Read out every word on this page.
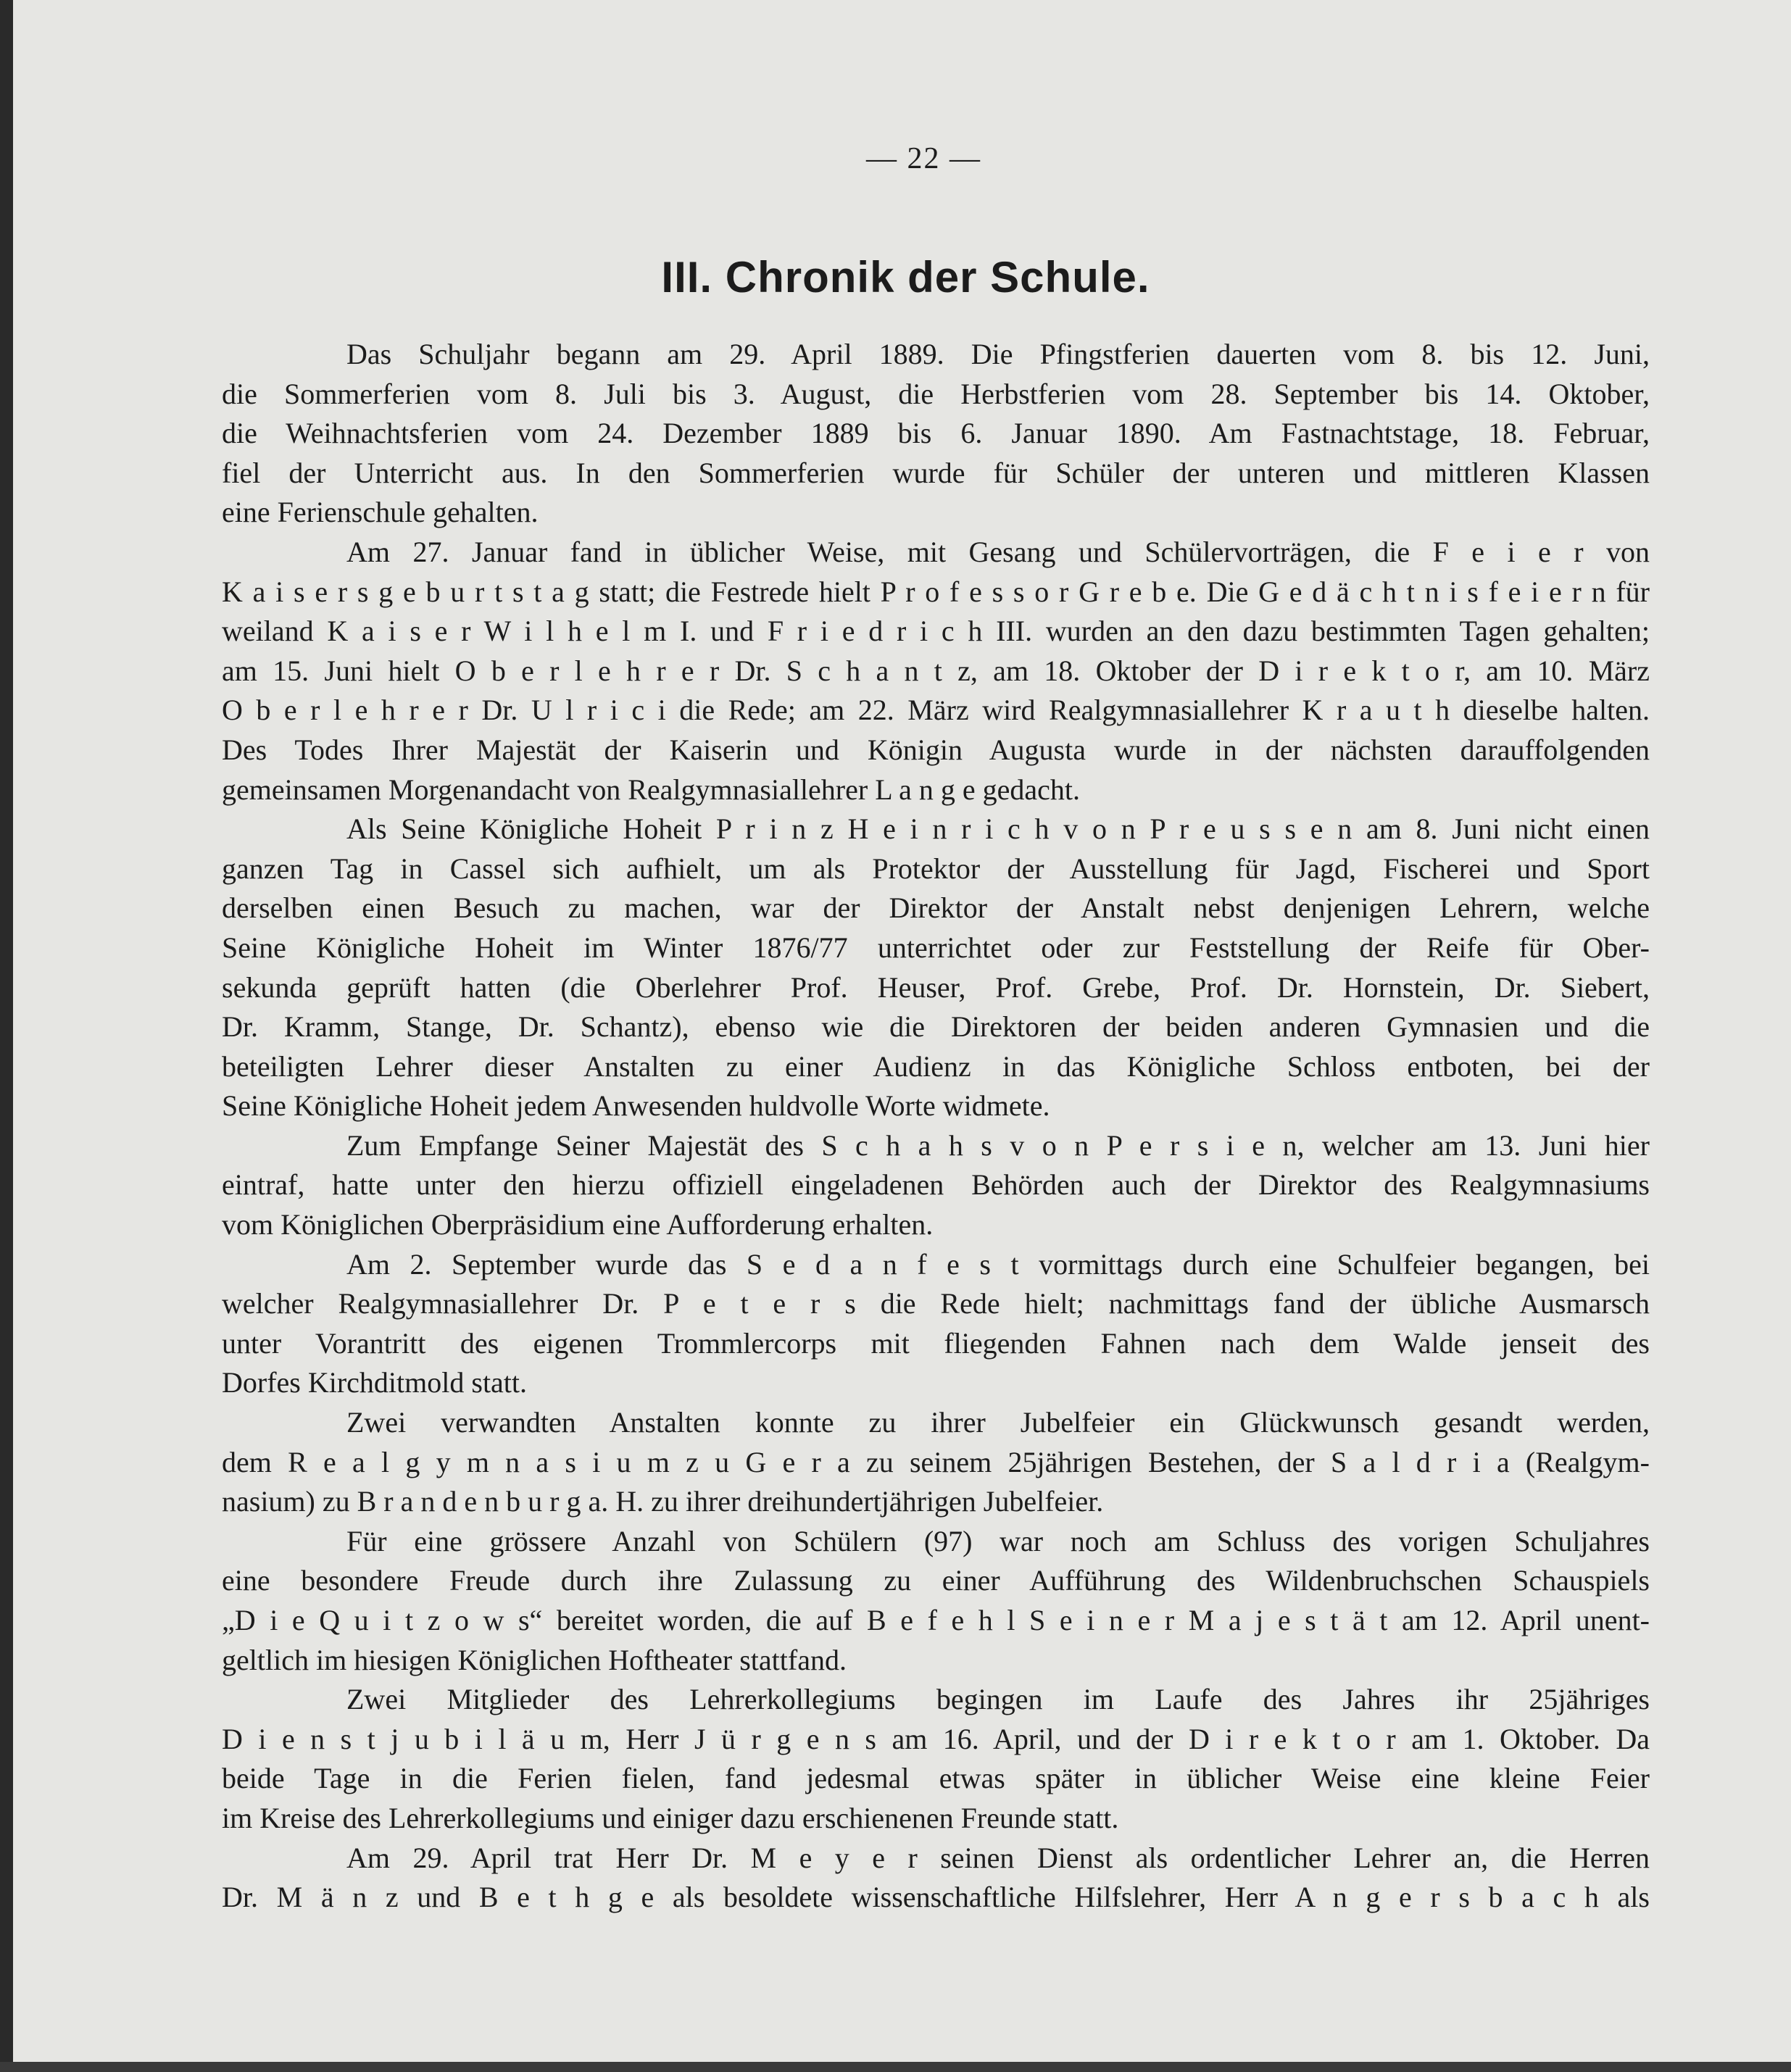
— 22 —
III. Chronik der Schule.
Das Schuljahr begann am 29. April 1889. Die Pfingstferien dauerten vom 8. bis 12. Juni,
die Sommerferien vom 8. Juli bis 3. August, die Herbstferien vom 28. September bis 14. Oktober,
die Weihnachtsferien vom 24. Dezember 1889 bis 6. Januar 1890. Am Fastnachtstage, 18. Februar,
fiel der Unterricht aus. In den Sommerferien wurde für Schüler der unteren und mittleren Klassen
eine Ferienschule gehalten.
Am 27. Januar fand in üblicher Weise, mit Gesang und Schülervorträgen, die F e i e r von
K a i s e r s g e b u r t s t a g statt; die Festrede hielt P r o f e s s o r G r e b e. Die G e d ä c h t n i s f e i e r n für
weiland K a i s e r W i l h e l m I. und F r i e d r i c h III. wurden an den dazu bestimmten Tagen gehalten;
am 15. Juni hielt O b e r l e h r e r Dr. S c h a n t z, am 18. Oktober der D i r e k t o r, am 10. März
O b e r l e h r e r Dr. U l r i c i die Rede; am 22. März wird Realgymnasiallehrer K r a u t h dieselbe halten.
Des Todes Ihrer Majestät der Kaiserin und Königin Augusta wurde in der nächsten darauffolgenden
gemeinsamen Morgenandacht von Realgymnasiallehrer L a n g e gedacht.
Als Seine Königliche Hoheit P r i n z H e i n r i c h v o n P r e u s s e n am 8. Juni nicht einen
ganzen Tag in Cassel sich aufhielt, um als Protektor der Ausstellung für Jagd, Fischerei und Sport
derselben einen Besuch zu machen, war der Direktor der Anstalt nebst denjenigen Lehrern, welche
Seine Königliche Hoheit im Winter 1876/77 unterrichtet oder zur Feststellung der Reife für Ober-
sekunda geprüft hatten (die Oberlehrer Prof. Heuser, Prof. Grebe, Prof. Dr. Hornstein, Dr. Siebert,
Dr. Kramm, Stange, Dr. Schantz), ebenso wie die Direktoren der beiden anderen Gymnasien und die
beteiligten Lehrer dieser Anstalten zu einer Audienz in das Königliche Schloss entboten, bei der
Seine Königliche Hoheit jedem Anwesenden huldvolle Worte widmete.
Zum Empfange Seiner Majestät des S c h a h s v o n P e r s i e n, welcher am 13. Juni hier
eintraf, hatte unter den hierzu offiziell eingeladenen Behörden auch der Direktor des Realgymnasiums
vom Königlichen Oberpräsidium eine Aufforderung erhalten.
Am 2. September wurde das S e d a n f e s t vormittags durch eine Schulfeier begangen, bei
welcher Realgymnasiallehrer Dr. P e t e r s die Rede hielt; nachmittags fand der übliche Ausmarsch
unter Vorantritt des eigenen Trommlercorps mit fliegenden Fahnen nach dem Walde jenseit des
Dorfes Kirchditmold statt.
Zwei verwandten Anstalten konnte zu ihrer Jubelfeier ein Glückwunsch gesandt werden,
dem R e a l g y m n a s i u m z u G e r a zu seinem 25jährigen Bestehen, der S a l d r i a (Realgym-
nasium) zu B r a n d e n b u r g a. H. zu ihrer dreihundertjährigen Jubelfeier.
Für eine grössere Anzahl von Schülern (97) war noch am Schluss des vorigen Schuljahres
eine besondere Freude durch ihre Zulassung zu einer Aufführung des Wildenbruchschen Schauspiels
„D i e Q u i t z o w s“ bereitet worden, die auf B e f e h l S e i n e r M a j e s t ä t am 12. April unent-
geltlich im hiesigen Königlichen Hoftheater stattfand.
Zwei Mitglieder des Lehrerkollegiums begingen im Laufe des Jahres ihr 25jähriges
D i e n s t j u b i l ä u m, Herr J ü r g e n s am 16. April, und der D i r e k t o r am 1. Oktober. Da
beide Tage in die Ferien fielen, fand jedesmal etwas später in üblicher Weise eine kleine Feier
im Kreise des Lehrerkollegiums und einiger dazu erschienenen Freunde statt.
Am 29. April trat Herr Dr. M e y e r seinen Dienst als ordentlicher Lehrer an, die Herren
Dr. M ä n z und B e t h g e als besoldete wissenschaftliche Hilfslehrer, Herr A n g e r s b a c h als
